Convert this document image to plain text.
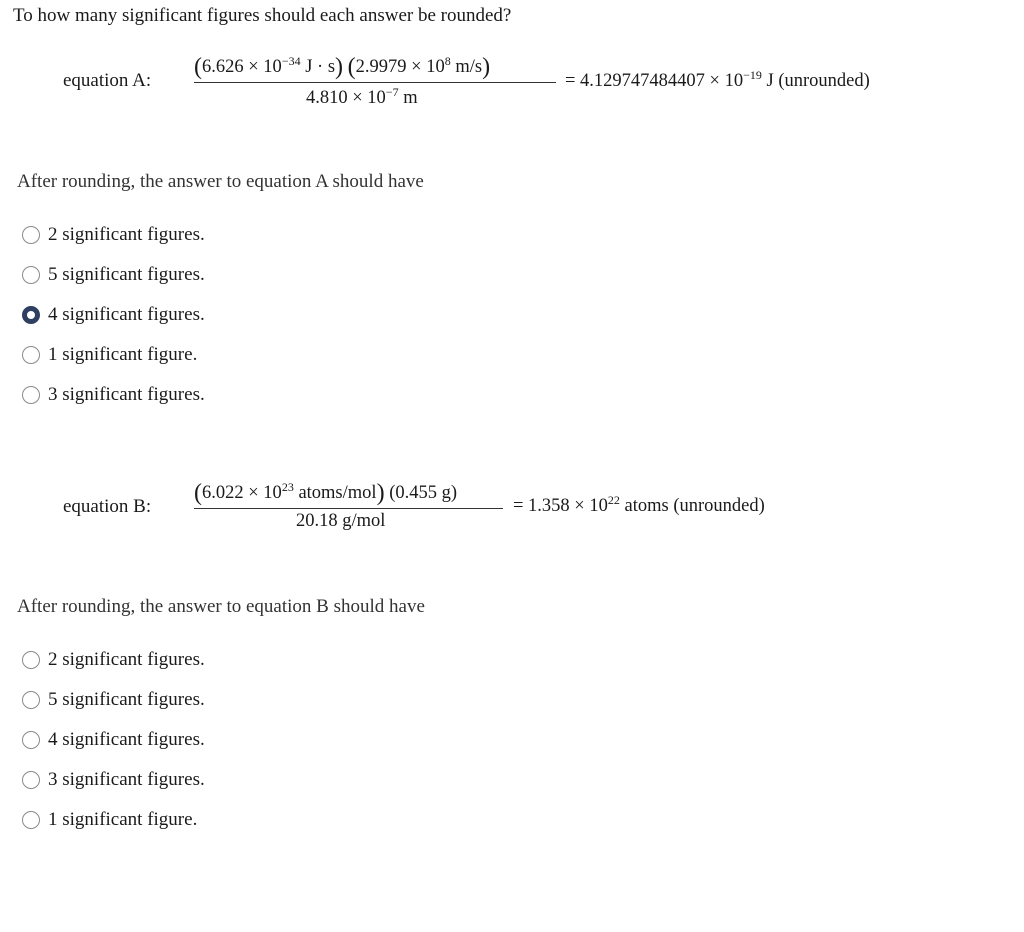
To how many significant figures should each answer be rounded?
equation A:
($6.626 \times 10^{-34}$ J · s) ($2.9979 \times 10^8$ m/s)
$4.810 \times 10^{-7}$ m
= $4.129747484407 \times 10^{-19}$ J (unrounded)
After rounding, the answer to equation A should have
2 significant figures.
5 significant figures.
4 significant figures.
1 significant figure.
3 significant figures.
equation B:
($6.022 \times 10^{23}$ atoms/mol) (0.455 g)
20.18 g/mol
= $1.358 \times 10^{22}$ atoms (unrounded)
After rounding, the answer to equation B should have
2 significant figures.
5 significant figures.
4 significant figures.
3 significant figures.
1 significant figure.
